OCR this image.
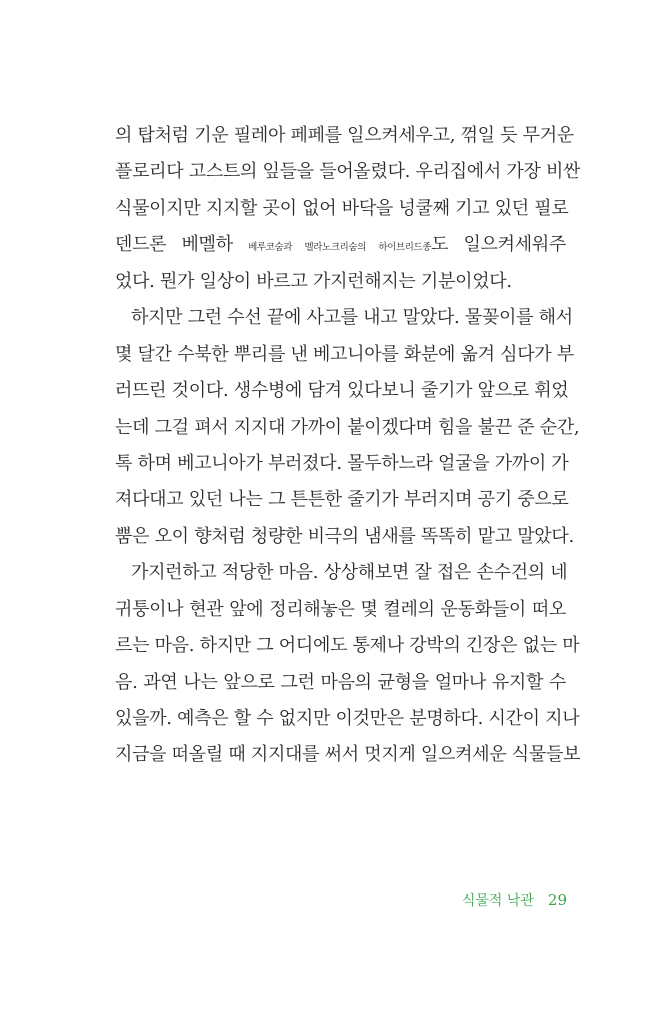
의 탑처럼 기운 필레아 페페를 일으켜세우고, 꺾일 듯 무거운
플로리다 고스트의 잎들을 들어올렸다. 우리집에서 가장 비싼
식물이지만 지지할 곳이 없어 바닥을 넝쿨째 기고 있던 필로
덴드론 베멜하 베루코숨과 멜라노크리숨의 하이브리드종도 일으켜세워주
었다. 뭔가 일상이 바르고 가지런해지는 기분이었다.
하지만 그런 수선 끝에 사고를 내고 말았다. 물꽂이를 해서
몇 달간 수북한 뿌리를 낸 베고니아를 화분에 옮겨 심다가 부
러뜨린 것이다. 생수병에 담겨 있다보니 줄기가 앞으로 휘었
는데 그걸 펴서 지지대 가까이 붙이겠다며 힘을 불끈 준 순간,
톡 하며 베고니아가 부러졌다. 몰두하느라 얼굴을 가까이 가
져다대고 있던 나는 그 튼튼한 줄기가 부러지며 공기 중으로
뿜은 오이 향처럼 청량한 비극의 냄새를 똑똑히 맡고 말았다.
가지런하고 적당한 마음. 상상해보면 잘 접은 손수건의 네
귀퉁이나 현관 앞에 정리해놓은 몇 켤레의 운동화들이 떠오
르는 마음. 하지만 그 어디에도 통제나 강박의 긴장은 없는 마
음. 과연 나는 앞으로 그런 마음의 균형을 얼마나 유지할 수
있을까. 예측은 할 수 없지만 이것만은 분명하다. 시간이 지나
지금을 떠올릴 때 지지대를 써서 멋지게 일으켜세운 식물들보
식물적 낙관 29
